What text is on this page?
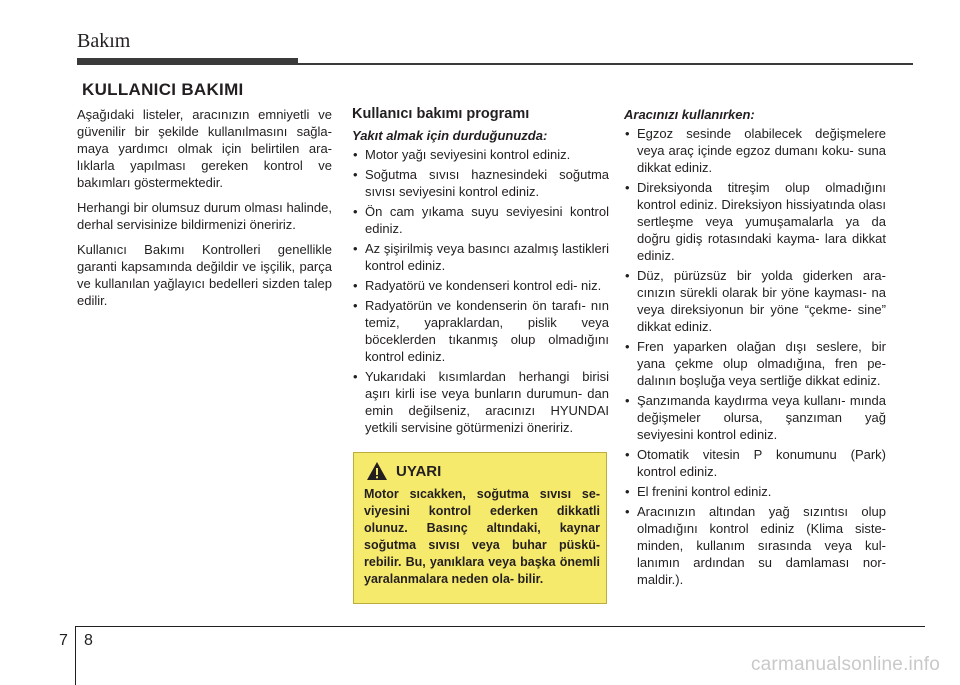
Bakım
KULLANICI BAKIMI

Aşağıdaki listeler, aracınızın emniyetli ve güvenilir bir şekilde kullanılmasını sağla- maya yardımcı olmak için belirtilen ara- lıklarla yapılması gereken kontrol ve bakımları göstermektedir.

Herhangi bir olumsuz durum olması halinde, derhal servisinize bildirmenizi öneririz.

Kullanıcı Bakımı Kontrolleri genellikle garanti kapsamında değildir ve işçilik, parça ve kullanılan yağlayıcı bedelleri sizden talep edilir.

Kullanıcı bakımı programı
Yakıt almak için durduğunuzda:
• Motor yağı seviyesini kontrol ediniz.
• Soğutma sıvısı haznesindeki soğutma sıvısı seviyesini kontrol ediniz.
• Ön cam yıkama suyu seviyesini kontrol ediniz.
• Az şişirilmiş veya basıncı azalmış lastikleri kontrol ediniz.
• Radyatörü ve kondenseri kontrol edi- niz.
• Radyatörün ve kondenserin ön tarafı- nın temiz, yapraklardan, pislik veya böceklerden tıkanmış olup olmadığını kontrol ediniz.
• Yukarıdaki kısımlardan herhangi birisi aşırı kirli ise veya bunların durumun- dan emin değilseniz, aracınızı HYUNDAI yetkili servisine götürmenizi öneririz.
UYARI
Motor sıcakken, soğutma sıvısı se- viyesini kontrol ederken dikkatli olunuz. Basınç altındaki, kaynar soğutma sıvısı veya buhar püskü- rebilir. Bu, yanıklara veya başka önemli yaralanmalara neden ola- bilir.
Aracınızı kullanırken:
• Egzoz sesinde olabilecek değişmelere veya araç içinde egzoz dumanı koku- suna dikkat ediniz.
• Direksiyonda titreşim olup olmadığını kontrol ediniz. Direksiyon hissiyatında olası sertleşme veya yumuşamalarla ya da doğru gidiş rotasındaki kayma- lara dikkat ediniz.
• Düz, pürüzsüz bir yolda giderken ara- cınızın sürekli olarak bir yöne kayması- na veya direksiyonun bir yöne “çekme- sine” dikkat ediniz.
• Fren yaparken olağan dışı seslere, bir yana çekme olup olmadığına, fren pe- dalının boşluğa veya sertliğe dikkat ediniz.
• Şanzımanda kaydırma veya kullanı- mında değişmeler olursa, şanzıman yağ seviyesini kontrol ediniz.
• Otomatik vitesin P konumunu (Park) kontrol ediniz.
• El frenini kontrol ediniz.
• Aracınızın altından yağ sızıntısı olup olmadığını kontrol ediniz (Klima siste- minden, kullanım sırasında veya kul- lanımın ardından su damlaması nor- maldir.).
7 8
carmanualsonline.info
